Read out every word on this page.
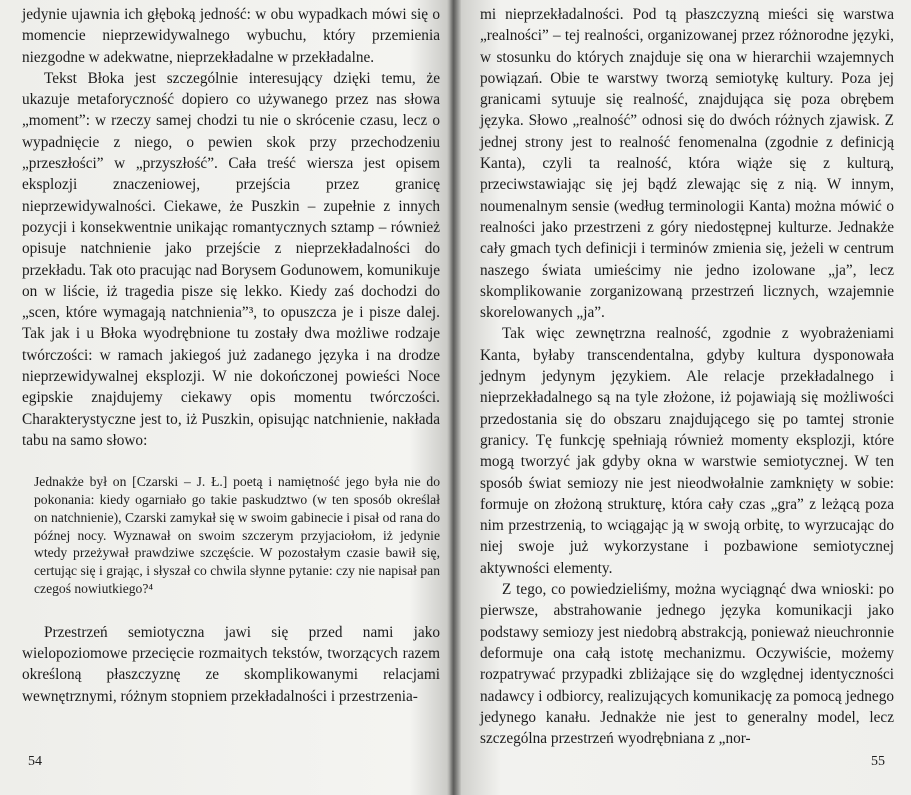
jedynie ujawnia ich głęboką jedność: w obu wypadkach mówi się o momencie nieprzewidywalnego wybuchu, który przemienia niezgodne w adekwatne, nieprzekładalne w przekładalne.

Tekst Błoka jest szczególnie interesujący dzięki temu, że ukazuje metaforyczność dopiero co używanego przez nas słowa „moment”: w rzeczy samej chodzi tu nie o skrócenie czasu, lecz o wypadnięcie z niego, o pewien skok przy przechodzeniu „przeszłości” w „przyszłość”. Cała treść wiersza jest opisem eksplozji znaczeniowej, przejścia przez granicę nieprzewidywalności. Ciekawe, że Puszkin – zupełnie z innych pozycji i konsekwentnie unikając romantycznych sztamp – również opisuje natchnienie jako przejście z nieprzekładalności do przekładu. Tak oto pracując nad Borysem Godunowem, komunikuje on w liście, iż tragedia pisze się lekko. Kiedy zaś dochodzi do „scen, które wymagają natchnienia”³, to opuszcza je i pisze dalej. Tak jak i u Błoka wyodrębnione tu zostały dwa możliwe rodzaje twórczości: w ramach jakiegoś już zadanego języka i na drodze nieprzewidywalnej eksplozji. W nie dokończonej powieści Noce egipskie znajdujemy ciekawy opis momentu twórczości. Charakterystyczne jest to, iż Puszkin, opisując natchnienie, nakłada tabu na samo słowo:

Jednakże był on [Czarski – J. Ł.] poetą i namiętność jego była nie do pokonania: kiedy ogarniało go takie paskudztwo (w ten sposób określał on natchnienie), Czarski zamykał się w swoim gabinecie i pisał od rana do późnej nocy. Wyznawał on swoim szczerym przyjaciołom, iż jedynie wtedy przeżywał prawdziwe szczęście. W pozostałym czasie bawił się, certując się i grając, i słyszał co chwila słynne pytanie: czy nie napisał pan czegoś nowiutkiego?⁴

Przestrzeń semiotyczna jawi się przed nami jako wielopoziomowe przecięcie rozmaitych tekstów, tworzących razem określoną płaszczyznę ze skomplikowanymi relacjami wewnętrznymi, różnym stopniem przekładalności i przestrzenia-

54

mi nieprzekładalności. Pod tą płaszczyzną mieści się warstwa „realności” – tej realności, organizowanej przez różnorodne języki, w stosunku do których znajduje się ona w hierarchii wzajemnych powiązań. Obie te warstwy tworzą semiotykę kultury. Poza jej granicami sytuuje się realność, znajdująca się poza obrębem języka. Słowo „realność” odnosi się do dwóch różnych zjawisk. Z jednej strony jest to realność fenomenalna (zgodnie z definicją Kanta), czyli ta realność, która wiąże się z kulturą, przeciwstawiając się jej bądź zlewając się z nią. W innym, noumenalnym sensie (według terminologii Kanta) można mówić o realności jako przestrzeni z góry niedostępnej kulturze. Jednakże cały gmach tych definicji i terminów zmienia się, jeżeli w centrum naszego świata umieścimy nie jedno izolowane „ja”, lecz skomplikowanie zorganizowaną przestrzeń licznych, wzajemnie skorelowanych „ja”.

Tak więc zewnętrzna realność, zgodnie z wyobrażeniami Kanta, byłaby transcendentalna, gdyby kultura dysponowała jednym jedynym językiem. Ale relacje przekładalnego i nieprzekładalnego są na tyle złożone, iż pojawiają się możliwości przedostania się do obszaru znajdującego się po tamtej stronie granicy. Tę funkcję spełniają również momenty eksplozji, które mogą tworzyć jak gdyby okna w warstwie semiotycznej. W ten sposób świat semiozy nie jest nieodwołalnie zamknięty w sobie: formuje on złożoną strukturę, która cały czas „gra” z leżącą poza nim przestrzenią, to wciągając ją w swoją orbitę, to wyrzucając do niej swoje już wykorzystane i pozbawione semiotycznej aktywności elementy.

Z tego, co powiedzieliśmy, można wyciągnąć dwa wnioski: po pierwsze, abstrahowanie jednego języka komunikacji jako podstawy semiozy jest niedobrą abstrakcją, ponieważ nieuchronnie deformuje ona całą istotę mechanizmu. Oczywiście, możemy rozpatrywać przypadki zbliżające się do względnej identyczności nadawcy i odbiorcy, realizujących komunikację za pomocą jednego jedynego kanału. Jednakże nie jest to generalny model, lecz szczególna przestrzeń wyodrębniana z „nor-

55
